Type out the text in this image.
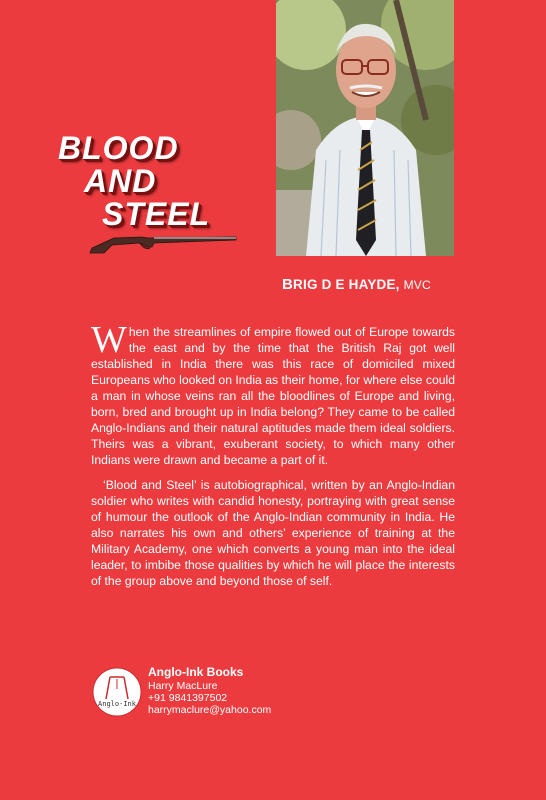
BLOOD
AND
STEEL
BRIG D E HAYDE, MVC

When the streamlines of empire flowed out of Europe towards the east and by the time that the British Raj got well established in India there was this race of domiciled mixed Europeans who looked on India as their home, for where else could a man in whose veins ran all the bloodlines of Europe and living, born, bred and brought up in India belong? They came to be called Anglo-Indians and their natural aptitudes made them ideal soldiers. Theirs was a vibrant, exuberant society, to which many other Indians were drawn and became a part of it.

‘Blood and Steel’ is autobiographical, written by an Anglo-Indian soldier who writes with candid honesty, portraying with great sense of humour the outlook of the Anglo-Indian community in India. He also narrates his own and others’ experience of training at the Military Academy, one which converts a young man into the ideal leader, to imbibe those qualities by which he will place the interests of the group above and beyond those of self.

Anglo-Ink
Anglo-Ink Books
Harry MacLure
+91 9841397502
harrymaclure@yahoo.com
